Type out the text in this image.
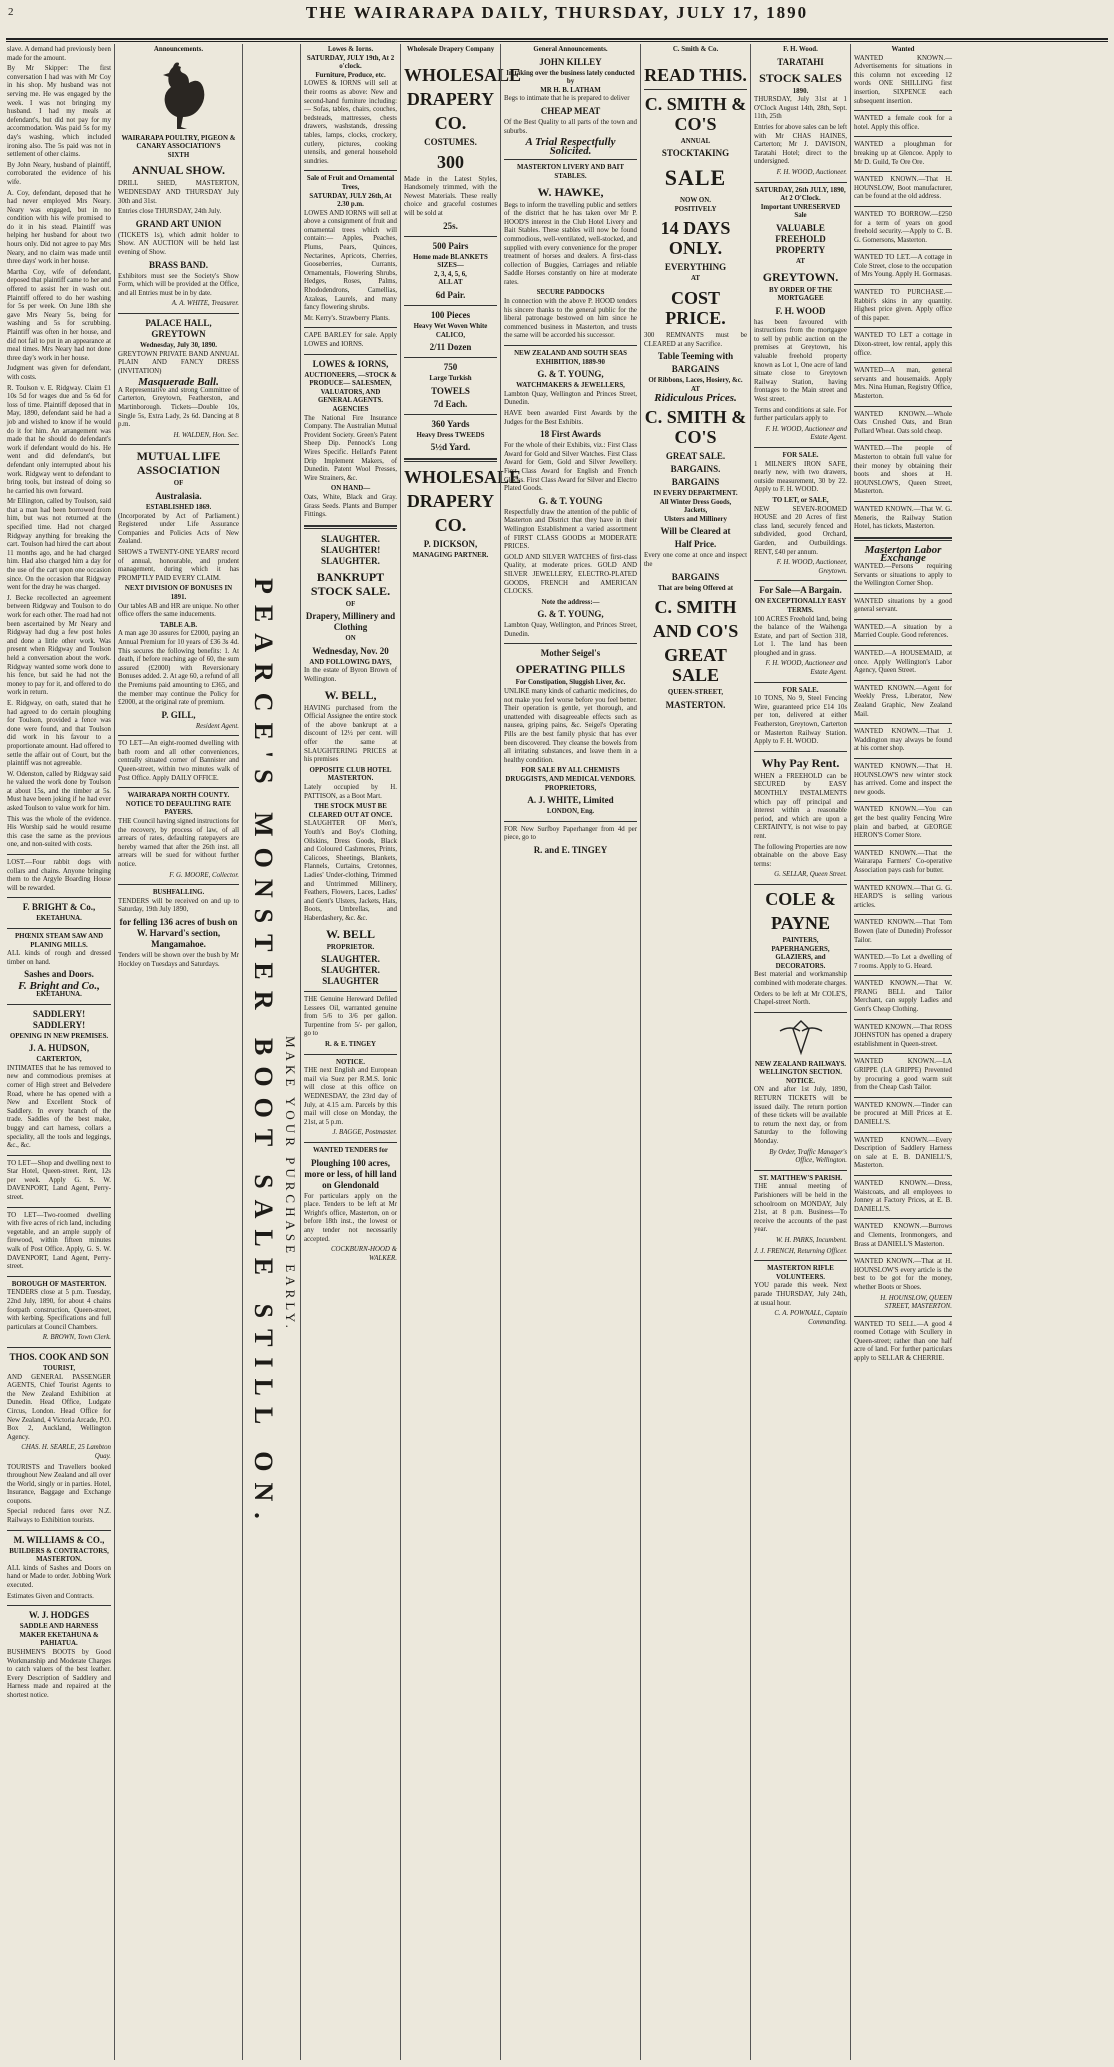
2	THE WAIRARAPA DAILY, THURSDAY, JULY 17, 1890

slave. A demand had previously been made for the amount.

By Mr Skipper: The first conversation I had was with Mr Coy in his shop. My husband was not serving me. He was engaged by the week. I was not bringing my husband. I had my meals at defendant's, but did not pay for my accommodation. Was paid 5s for my day's washing, which included ironing also. The 5s paid was not in settlement of other claims.

By John Neary, husband of plaintiff, corroborated the evidence of his wife.

A. Coy, defendant, deposed that he had never employed Mrs Neary. Neary was engaged, but in no condition with his wife promised to do it in his stead. Plaintiff was helping her husband for about two hours only. Did not agree to pay Mrs Neary, and no claim was made until three days' work in her house.

Martha Coy, wife of defendant, deposed that plaintiff came to her and offered to assist her in wash out. Plaintiff offered to do her washing for 5s per week. On June 18th she gave Mrs Neary 5s, being for washing and 5s for scrubbing. Plaintiff was often in her house, and did not fail to put in an appearance at meal times. Mrs Neary had not done three day's work in her house.

Judgment was given for defendant, with costs.

R. Toulson v. E. Ridgway. Claim £1 10s 5d for wages due and 5s 6d for loss of time. Plaintiff deposed that in May, 1890, defendant said he had a job and wished to know if he would do it for him. An arrangement was made that he should do defendant's work if defendant would do his. He went and did defendant's, but defendant only interrupted about his work. Ridgway went to defendant to bring tools, but instead of doing so he carried his own forward.

Mr Ellington, called by Toulson, said that a man had been borrowed from him, but was not returned at the specified time. Had not charged Ridgway anything for breaking the cart. Toulson had hired the cart about 11 months ago, and he had charged him. Had also charged him a day for the use of the cart upon one occasion since. On the occasion that Ridgway went for the dray he was charged.

J. Becke recollected an agreement between Ridgway and Toulson to do work for each other. The road had not been ascertained by Mr Neary and Ridgway had dug a few post holes and done a little other work. Was present when Ridgway and Toulson held a conversation about the work. Ridgway wanted some work done to his fence, but said he had not the money to pay for it, and offered to do work in return.

E. Ridgway, on oath, stated that he had agreed to do certain ploughing for Toulson, provided a fence was done were found, and that Toulson did work in his favour to a proportionate amount. Had offered to settle the affair out of Court, but the plaintiff was not agreeable.

W. Odenston, called by Ridgway said he valued the work done by Toulson at about 15s, and the timber at 5s. Must have been joking if he had ever asked Toulson to value work for him.

This was the whole of the evidence. His Worship said he would resume this case the same as the previous one, and non-suited with costs.

LOST.—Four rabbit dogs with collars and chains. Anyone bringing them to the Argyle Boarding House will be rewarded.

F. BRIGHT & Co.,
EKETAHUNA.
PHŒNIX STEAM SAW AND PLANING MILLS.

ALL kinds of rough and dressed timber on hand.

Sashes and Doors.
F. Bright and Co.,
EKETAHUNA.
SADDLERY! SADDLERY!
OPENING IN NEW PREMISES.
J. A. HUDSON,
CARTERTON,

INTIMATES that he has removed to new and commodious premises at corner of High street and Belvedere Road, where he has opened with a New and Excellent Stock of Saddlery. In every branch of the trade. Saddles of the best make, buggy and cart harness, collars a speciality, all the tools and leggings, &c., &c.

TO LET—Shop and dwelling next to Star Hotel, Queen-street. Rent, 12s per week. Apply G. S. W. DAVENPORT, Land Agent, Perry-street.

TO LET—Two-roomed dwelling with five acres of rich land, including vegetable, and an ample supply of firewood, within fifteen minutes walk of Post Office. Apply, G. S. W. DAVENPORT, Land Agent, Perry-street.

BOROUGH OF MASTERTON.

TENDERS close at 5 p.m. Tuesday, 22nd July, 1890, for about 4 chains footpath construction, Queen-street, with kerbing. Specifications and full particulars at Council Chambers.

R. BROWN, Town Clerk.

THOS. COOK AND SON
TOURIST,

AND GENERAL PASSENGER AGENTS, Chief Tourist Agents to the New Zealand Exhibition at Dunedin. Head Office, Ludgate Circus, London. Head Office for New Zealand, 4 Victoria Arcade, P.O. Box 2, Auckland, Wellington Agency.

CHAS. H. SEARLE, 25 Lambton Quay.

TOURISTS and Travellers booked throughout New Zealand and all over the World, singly or in parties. Hotel, Insurance, Baggage and Exchange coupons.

Special reduced fares over N.Z. Railways to Exhibition tourists.

M. WILLIAMS & CO.,
BUILDERS & CONTRACTORS,
MASTERTON.

ALL kinds of Sashes and Doors on hand or Made to order. Jobbing Work executed.

Estimates Given and Contracts.

W. J. HODGES
SADDLE AND HARNESS MAKER EKETAHUNA & PAHIATUA.

BUSHMEN'S BOOTS by Good Workmanship and Moderate Charges to catch valuers of the best leather. Every Description of Saddlery and Harness made and repaired at the shortest notice.

Announcements.
WAIRARAPA POULTRY, PIGEON & CANARY ASSOCIATION'S
SIXTH
ANNUAL SHOW.

DRILL SHED, MASTERTON, WEDNESDAY AND THURSDAY July 30th and 31st.

Entries close THURSDAY, 24th July.

GRAND ART UNION

(TICKETS 1s), which admit holder to Show. AN AUCTION will be held last evening of Show.

BRASS BAND.

Exhibitors must see the Society's Show Form, which will be provided at the Office, and all Entries must be in by date.

A. A. WHITE, Treasurer.

PALACE HALL, GREYTOWN
Wednesday, July 30, 1890.

GREYTOWN PRIVATE BAND ANNUAL PLAIN AND FANCY DRESS (INVITATION)

Masquerade Ball.

A Representative and strong Committee of Carterton, Greytown, Featherston, and Martinborough. Tickets—Double 10s, Single 5s, Extra Lady, 2s 6d. Dancing at 8 p.m.

H. WALDEN, Hon. Sec.

MUTUAL LIFE ASSOCIATION
OF
Australasia.
ESTABLISHED 1869.

(Incorporated by Act of Parliament.) Registered under Life Assurance Companies and Policies Acts of New Zealand.

SHOWS a TWENTY-ONE YEARS' record of annual, honourable, and prudent management, during which it has PROMPTLY PAID EVERY CLAIM.

NEXT DIVISION OF BONUSES IN 1891.

Our tables AB and HR are unique. No other office offers the same inducements.

TABLE A.B.

A man age 30 assures for £2000, paying an Annual Premium for 10 years of £36 3s 4d. This secures the following benefits: 1. At death, if before reaching age of 60, the sum assured (£2000) with Reversionary Bonuses added. 2. At age 60, a refund of all the Premiums paid amounting to £365, and the member may continue the Policy for £2000, at the original rate of premium.

P. GILL,

Resident Agent.

TO LET—An eight-roomed dwelling with bath room and all other conveniences, centrally situated corner of Bannister and Queen-street, within two minutes walk of Post Office. Apply DAILY OFFICE.

WAIRARAPA NORTH COUNTY.
NOTICE TO DEFAULTING RATE PAYERS.

THE Council having signed instructions for the recovery, by process of law, of all arrears of rates, defaulting ratepayers are hereby warned that after the 26th inst. all arrears will be sued for without further notice.

F. G. MOORE, Collector.

BUSHFALLING.

TENDERS will be received on and up to Saturday, 19th July 1890,

for felling 136 acres of bush on W. Harvard's section, Mangamahoe.

Tenders will be shown over the bush by Mr Hockley on Tuesdays and Saturdays.	PEARCE'S MONSTER BOOT SALE STILL ON. MAKE YOUR PURCHASE EARLY.
Lowes & Iorns.
SATURDAY, JULY 19th, At 2 o'clock.
Furniture, Produce, etc.

LOWES & IORNS will sell at their rooms as above: New and second-hand furniture including:— Sofas, tables, chairs, couches, bedsteads, mattresses, chests drawers, washstands, dressing tables, lamps, clocks, crockery, cutlery, pictures, cooking utensils, and general household sundries.

Sale of Fruit and Ornamental Trees,
SATURDAY, JULY 26th, At 2.30 p.m.

LOWES AND IORNS will sell at above a consignment of fruit and ornamental trees which will contain:— Apples, Peaches, Plums, Pears, Quinces, Nectarines, Apricots, Cherries, Gooseberries, Currants, Ornamentals, Flowering Shrubs, Hedges, Roses, Palms, Rhododendrons, Camellias, Azaleas, Laurels, and many fancy flowering shrubs.

Mr. Kerry's. Strawberry Plants.

CAPE BARLEY for sale. Apply LOWES and IORNS.

LOWES & IORNS,
AUCTIONEERS, —STOCK & PRODUCE— SALESMEN,
VALUATORS, AND GENERAL AGENTS.
AGENCIES

The National Fire Insurance Company. The Australian Mutual Provident Society. Green's Patent Sheep Dip. Pennock's Long Wires Specific. Hellard's Patent Drip Implement Makers, of Dunedin. Patent Wool Presses, Wire Strainers, &c.

ON HAND—

Oats, White, Black and Gray. Grass Seeds. Plants and Bumper Fittings.

SLAUGHTER. SLAUGHTER! SLAUGHTER.
BANKRUPT STOCK SALE.
OF
Drapery, Millinery and Clothing
ON
Wednesday, Nov. 20
AND FOLLOWING DAYS,

In the estate of Byron Brown of Wellington.

W. BELL,

HAVING purchased from the Official Assignee the entire stock of the above bankrupt at a discount of 12½ per cent. will offer the same at SLAUGHTERING PRICES at his premises

OPPOSITE CLUB HOTEL
MASTERTON.

Lately occupied by H. PATTISON, as a Boot Mart.

THE STOCK MUST BE CLEARED OUT AT ONCE.

SLAUGHTER OF Men's, Youth's and Boy's Clothing, Oilskins, Dress Goods, Black and Coloured Cashmeres, Prints, Calicoes, Sheetings, Blankets, Flannels, Curtains, Cretonnes, Ladies' Under-clothing, Trimmed and Untrimmed Millinery, Feathers, Flowers, Laces, Ladies' and Gent's Ulsters, Jackets, Hats, Boots, Umbrellas, and Haberdashery, &c. &c.

W. BELL
PROPRIETOR.
SLAUGHTER. SLAUGHTER. SLAUGHTER

THE Genuine Hereward Defiled Lessees Oil, warranted genuine from 5/6 to 3/6 per gallon. Turpentine from 5/- per gallon, go to

R. & E. TINGEY
NOTICE.

THE next English and European mail via Suez per R.M.S. Ionic will close at this office on WEDNESDAY, the 23rd day of July, at 4.15 a.m. Parcels by this mail will close on Monday, the 21st, at 5 p.m.

J. BAGGE, Postmaster.

WANTED TENDERS for
Ploughing 100 acres, more or less, of hill land on Glendonald

For particulars apply on the place. Tenders to be left at Mr Wright's office, Masterton, on or before 18th inst., the lowest or any tender not necessarily accepted.

COCKBURN-HOOD & WALKER.

Wholesale Drapery Company
WHOLESALE
DRAPERY
CO.
COSTUMES.
300

Made in the Latest Styles, Handsomely trimmed, with the Newest Materials. These really choice and graceful costumes will be sold at

25s.
500 Pairs
Home made BLANKETS
SIZES—
2, 3, 4, 5, 6,
ALL AT
6d Pair.
100 Pieces
Heavy Wet Woven White CALICO,
2/11 Dozen
750
Large Turkish
TOWELS
7d Each.
360 Yards
Heavy Dress TWEEDS
5½d Yard.
WHOLESALE
DRAPERY
CO.
P. DICKSON,
MANAGING PARTNER.
General Announcements.
JOHN KILLEY
In taking over the business lately conducted by
MR H. B. LATHAM

Begs to intimate that he is prepared to deliver

CHEAP MEAT

Of the Best Quality to all parts of the town and suburbs.

A Trial Respectfully Solicited.
MASTERTON LIVERY AND BAIT STABLES.
W. HAWKE,

Begs to inform the travelling public and settlers of the district that he has taken over Mr P. HOOD'S interest in the Club Hotel Livery and Bait Stables. These stables will now be found commodious, well-ventilated, well-stocked, and supplied with every convenience for the proper treatment of horses and dealers. A first-class collection of Buggies, Carriages and reliable Saddle Horses constantly on hire at moderate rates.

SECURE PADDOCKS

In connection with the above P. HOOD tenders his sincere thanks to the general public for the liberal patronage bestowed on him since he commenced business in Masterton, and trusts the same will be accorded his successor.

NEW ZEALAND AND SOUTH SEAS EXHIBITION, 1889-90
G. & T. YOUNG,
WATCHMAKERS & JEWELLERS,

Lambton Quay, Wellington and Princes Street, Dunedin.

HAVE been awarded First Awards by the Judges for the Best Exhibits.

18 First Awards

For the whole of their Exhibits, viz.: First Class Award for Gold and Silver Watches. First Class Award for Gem, Gold and Silver Jewellery. First Class Award for English and French Clocks. First Class Award for Silver and Electro Plated Goods.

G. & T. YOUNG

Respectfully draw the attention of the public of Masterton and District that they have in their Wellington Establishment a varied assortment of FIRST CLASS GOODS at MODERATE PRICES.

GOLD AND SILVER WATCHES of first-class Quality, at moderate prices. GOLD AND SILVER JEWELLERY, ELECTRO-PLATED GOODS, FRENCH and AMERICAN CLOCKS.

Note the address:—
G. & T. YOUNG,

Lambton Quay, Wellington, and Princes Street, Dunedin.

Mother Seigel's
OPERATING PILLS
For Constipation, Sluggish Liver, &c.

UNLIKE many kinds of cathartic medicines, do not make you feel worse before you feel better. Their operation is gentle, yet thorough, and unattended with disagreeable effects such as nausea, griping pains, &c. Seigel's Operating Pills are the best family physic that has ever been discovered. They cleanse the bowels from all irritating substances, and leave them in a healthy condition.

FOR SALE BY ALL CHEMISTS DRUGGISTS, AND MEDICAL VENDORS.
PROPRIETORS,
A. J. WHITE, Limited
LONDON, Eng.

FOR New Surfboy Paperhanger from 4d per piece, go to

R. and E. TINGEY
C. Smith & Co.
READ THIS.
C. SMITH & CO'S
ANNUAL
STOCKTAKING
SALE
NOW ON.
POSITIVELY
14 DAYS ONLY.
EVERYTHING
AT
COST PRICE.

300 REMNANTS must be CLEARED at any Sacrifice.

Table Teeming with
BARGAINS
Of Ribbons, Laces, Hosiery, &c.
AT
Ridiculous Prices.
C. SMITH & CO'S
GREAT SALE.
BARGAINS.
BARGAINS
IN EVERY DEPARTMENT.
All Winter Dress Goods,
Jackets,
Ulsters and Millinery
Will be Cleared at
Half Price.

Every one come at once and inspect the

BARGAINS
That are being Offered at
C. SMITH
AND CO'S
GREAT SALE
QUEEN-STREET,
MASTERTON.
F. H. Wood.
TARATAHI
STOCK SALES
1890.

THURSDAY, July 31st at 1 O'Clock August 14th, 28th, Sept. 11th, 25th

Entries for above sales can be left with Mr CHAS HAINES, Carterton; Mr J. DAVISON, Taratahi Hotel; direct to the undersigned.

F. H. WOOD, Auctioneer.

SATURDAY, 26th JULY, 1890, At 2 O'Clock.
Important UNRESERVED Sale
VALUABLE FREEHOLD PROPERTY
AT
GREYTOWN.
BY ORDER OF THE MORTGAGEE
F. H. WOOD

has been favoured with instructions from the mortgagee to sell by public auction on the premises at Greytown, his valuable freehold property known as Lot 1, One acre of land situate close to Greytown Railway Station, having frontages to the Main street and West street.

Terms and conditions at sale. For further particulars apply to

F. H. WOOD, Auctioneer and Estate Agent.

FOR SALE.

1 MILNER'S IRON SAFE, nearly new, with two drawers, outside measurement, 30 by 22. Apply to F. H. WOOD.

TO LET, or SALE,

NEW SEVEN-ROOMED HOUSE and 20 Acres of first class land, securely fenced and subdivided, good Orchard, Garden, and Outbuildings. RENT, £40 per annum.

F. H. WOOD, Auctioneer, Greytown.

For Sale—A Bargain.
ON EXCEPTIONALLY EASY TERMS.

100 ACRES Freehold land, being the balance of the Waihenga Estate, and part of Section 318, Lot 1. The land has been ploughed and in grass.

F. H. WOOD, Auctioneer and Estate Agent.

FOR SALE.

10 TONS, No 9, Steel Fencing Wire, guaranteed price £14 10s per ton, delivered at either Featherston, Greytown, Carterton or Masterton Railway Station. Apply to F. H. WOOD.

Why Pay Rent.

WHEN a FREEHOLD can be SECURED by EASY MONTHLY INSTALMENTS which pay off principal and interest within a reasonable period, and which are upon a CERTAINTY, is not wise to pay rent.

The following Properties are now obtainable on the above Easy terms:

G. SELLAR, Queen Street.

COLE &
PAYNE
PAINTERS, PAPERHANGERS, GLAZIERS, and DECORATORS.

Best material and workmanship combined with moderate charges.

Orders to be left at Mr COLE'S, Chapel-street North.

NEW ZEALAND RAILWAYS.
WELLINGTON SECTION.
NOTICE.

ON and after 1st July, 1890, RETURN TICKETS will be issued daily. The return portion of these tickets will be available to return the next day, or from Saturday to the following Monday.

By Order, Traffic Manager's Office, Wellington.

ST. MATTHEW'S PARISH.

THE annual meeting of Parishioners will be held in the schoolroom on MONDAY, July 21st, at 8 p.m. Business—To receive the accounts of the past year.

W. H. PARKS, Incumbent.

J. J. FRENCH, Returning Officer.

MASTERTON RIFLE VOLUNTEERS.

YOU parade this week. Next parade THURSDAY, July 24th, at usual hour.

C. A. POWNALL, Captain Commanding.

Wanted

WANTED KNOWN.—Advertisements for situations in this column not exceeding 12 words ONE SHILLING first insertion, SIXPENCE each subsequent insertion.

WANTED a female cook for a hotel. Apply this office.

WANTED a ploughman for breaking up at Glencoe. Apply to Mr D. Guild, Te Ore Ore.

WANTED KNOWN.—That H. HOUNSLOW, Boot manufacturer, can be found at the old address.

WANTED TO BORROW.—£250 for a term of years on good freehold security.—Apply to C. B. G. Gomersons, Masterton.

WANTED TO LET.—A cottage in Cole Street, close to the occupation of Mrs Young. Apply H. Gormasas.

WANTED TO PURCHASE.—Rabbit's skins in any quantity. Highest price given. Apply office of this paper.

WANTED TO LET a cottage in Dixon-street, low rental, apply this office.

WANTED—A man, general servants and housemaids. Apply Mrs. Nina Human, Registry Office, Masterton.

WANTED KNOWN.—Whole Oats Crushed Oats, and Bran Pollard Wheat. Oats sold cheap.

WANTED.—The people of Masterton to obtain full value for their money by obtaining their boots and shoes at H. HOUNSLOW'S, Queen Street, Masterton.

WANTED KNOWN.—That W. G. Meneris, the Railway Station Hotel, has tickets, Masterton.

Masterton Labor Exchange

WANTED.—Persons requiring Servants or situations to apply to the Wellington Corner Shop.

WANTED situations by a good general servant.

WANTED.—A situation by a Married Couple. Good references.

WANTED.—A HOUSEMAID, at once. Apply Wellington's Labor Agency, Queen Street.

WANTED KNOWN.—Agent for Weekly Press, Liberator, New Zealand Graphic, New Zealand Mail.

WANTED KNOWN.—That J. Waddington may always be found at his corner shop.

WANTED KNOWN.—That H. HOUNSLOW'S new winter stock has arrived. Come and inspect the new goods.

WANTED KNOWN.—You can get the best quality Fencing Wire plain and barbed, at GEORGE HERON'S Corner Store.

WANTED KNOWN.—That the Wairarapa Farmers' Co-operative Association pays cash for butter.

WANTED KNOWN.—That G. G. HEARD'S is selling various articles.

WANTED KNOWN.—That Tom Bowen (late of Dunedin) Professor Tailor.

WANTED.—To Let a dwelling of 7 rooms. Apply to G. Heard.

WANTED KNOWN.—That W. PRANG BELL and Tailor Merchant, can supply Ladies and Gent's Cheap Clothing.

WANTED KNOWN.—That ROSS JOHNSTON has opened a drapery establishment in Queen-street.

WANTED KNOWN.—LA GRIPPE (LA GRIPPE) Prevented by procuring a good warm suit from the Cheap Cash Tailor.

WANTED KNOWN.—Tinder can be procured at Mill Prices at E. DANIELL'S.

WANTED KNOWN.—Every Description of Saddlery Harness on sale at E. B. DANIELL'S, Masterton.

WANTED KNOWN.—Dress, Waistcoats, and all employees to Jonney at Factory Prices, at E. B. DANIELL'S.

WANTED KNOWN.—Burrows and Clements, Ironmongers, and Brass at DANIELL'S Masterton.

WANTED KNOWN.—That at H. HOUNSLOW'S every article is the best to be got for the money, whether Boots or Shoes.

H. HOUNSLOW, QUEEN STREET, MASTERTON.

WANTED TO SELL.—A good 4 roomed Cottage with Scullery in Queen-street; rather than one half acre of land. For further particulars apply to SELLAR & CHERRIE.
